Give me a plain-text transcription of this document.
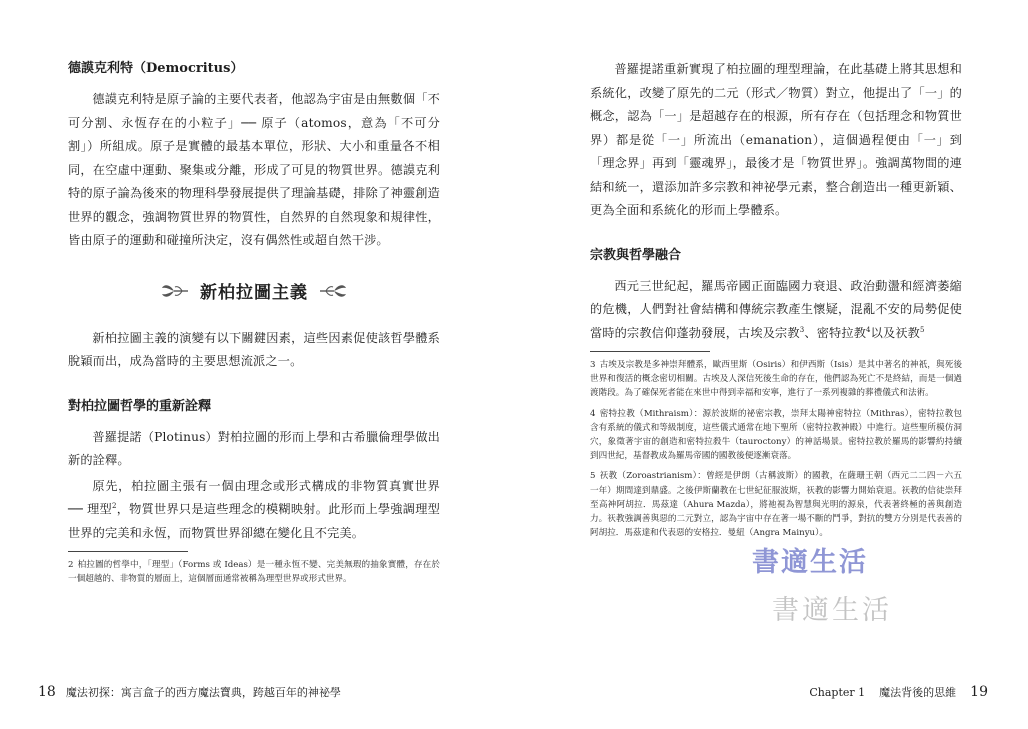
德謨克利特（Democritus）

德謨克利特是原子論的主要代表者，他認為宇宙是由無數個「不可分割、永恆存在的小粒子」── 原子（atomos，意為「不可分割」）所組成。原子是實體的最基本單位，形狀、大小和重量各不相同，在空虛中運動、聚集或分離，形成了可見的物質世界。德謨克利特的原子論為後來的物理科學發展提供了理論基礎，排除了神靈創造世界的觀念，強調物質世界的物質性，自然界的自然現象和規律性，皆由原子的運動和碰撞所決定，沒有偶然性或超自然干涉。

新柏拉圖主義

新柏拉圖主義的演變有以下關鍵因素，這些因素促使該哲學體系脫穎而出，成為當時的主要思想流派之一。

對柏拉圖哲學的重新詮釋

普羅提諾（Plotinus）對柏拉圖的形而上學和古希臘倫理學做出新的詮釋。

原先，柏拉圖主張有一個由理念或形式構成的非物質真實世界 ── 理型$^2$，物質世界只是這些理念的模糊映射。此形而上學強調理型世界的完美和永恆，而物質世界卻總在變化且不完美。

2 柏拉圖的哲學中，「理型」（Forms 或 Ideas）是一種永恆不變、完美無瑕的抽象實體，存在於一個超越的、非物質的層面上，這個層面通常被稱為理型世界或形式世界。
18 魔法初探：寓言盒子的西方魔法寶典，跨越百年的神祕學

普羅提諾重新實現了柏拉圖的理型理論，在此基礎上將其思想和系統化，改變了原先的二元（形式／物質）對立，他提出了「一」的概念，認為「一」是超越存在的根源，所有存在（包括理念和物質世界）都是從「一」所流出（emanation），這個過程便由「一」到「理念界」再到「靈魂界」，最後才是「物質世界」。強調萬物間的連結和統一，還添加許多宗教和神祕學元素，整合創造出一種更新穎、更為全面和系統化的形而上學體系。

宗教與哲學融合

西元三世紀起，羅馬帝國正面臨國力衰退、政治動盪和經濟萎縮的危機，人們對社會結構和傳統宗教產生懷疑，混亂不安的局勢促使當時的宗教信仰蓬勃發展，古埃及宗教$^3$、密特拉教$^4$以及祆教$^5$

3 古埃及宗教是多神崇拜體系，歐西里斯（Osiris）和伊西斯（Isis）是其中著名的神祇，與死後世界和復活的概念密切相關。古埃及人深信死後生命的存在，他們認為死亡不是終結，而是一個過渡階段。為了確保死者能在來世中得到幸福和安寧，進行了一系列複雜的葬禮儀式和法術。
4 密特拉教（Mithraism）：源於波斯的祕密宗教，崇拜太陽神密特拉（Mithras），密特拉教包含有系統的儀式和等級制度，這些儀式通常在地下聖所（密特拉教神殿）中進行。這些聖所模仿洞穴，象徵著宇宙的創造和密特拉殺牛（tauroctony）的神話場景。密特拉教於羅馬的影響約持續到四世紀，基督教成為羅馬帝國的國教後便逐漸衰落。
5 祆教（Zoroastrianism）：曾經是伊朗（古稱波斯）的國教，在薩珊王朝（西元二二四－六五一年）期間達到鼎盛。之後伊斯蘭教在七世紀征服波斯，祆教的影響力開始衰退。祆教的信徒崇拜至高神阿胡拉．馬茲達（Ahura Mazda），將祂視為智慧與光明的源泉，代表著終極的善與創造力。祆教強調善與惡的二元對立，認為宇宙中存在著一場不斷的鬥爭，對抗的雙方分別是代表善的阿胡拉．馬茲達和代表惡的安格拉．曼紐（Angra Mainyu）。
Chapter 1 魔法背後的思維 19
書適生活
書適生活
